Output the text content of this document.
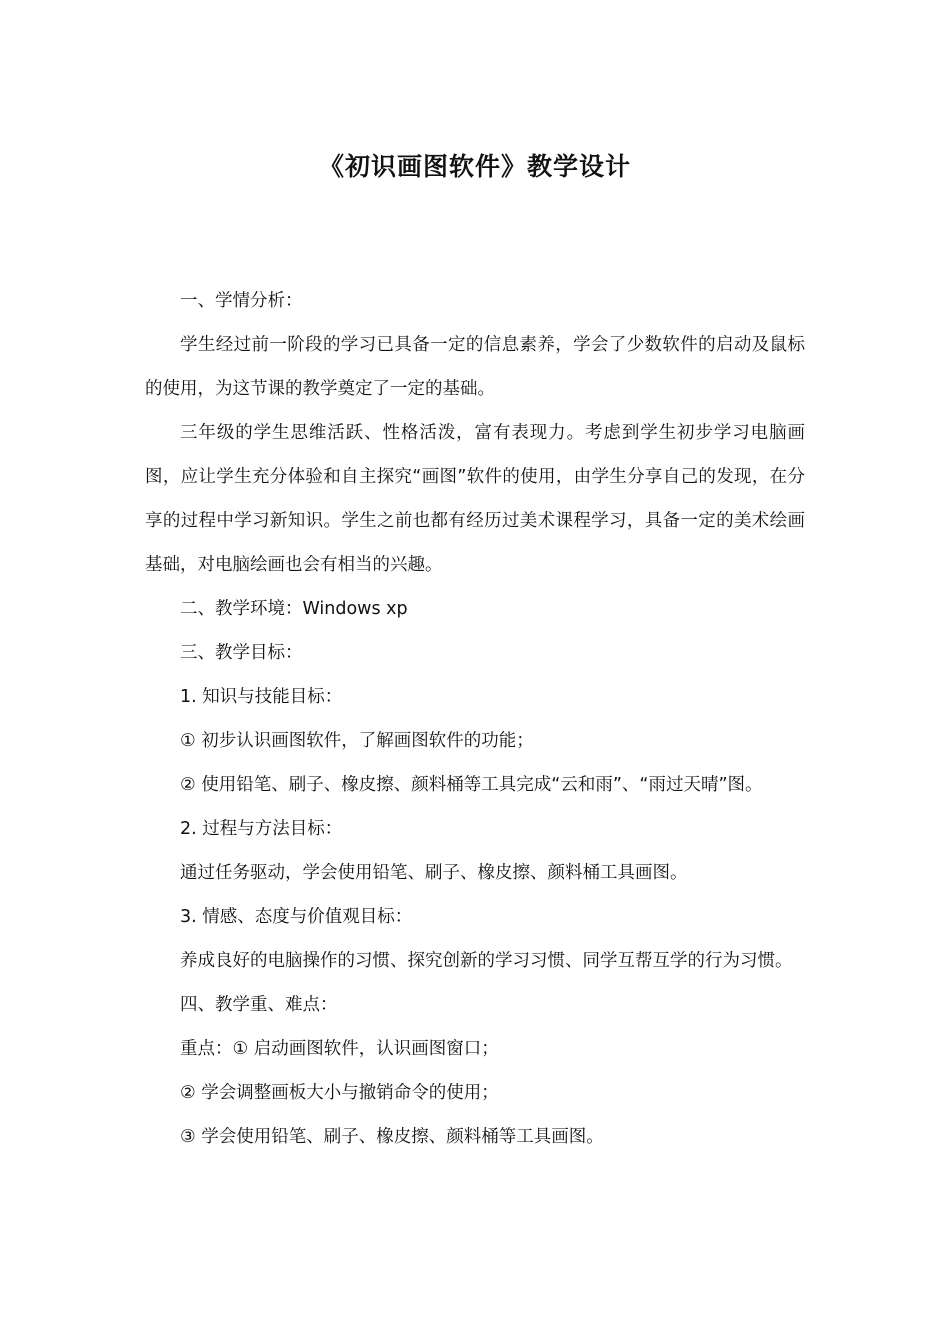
《初识画图软件》教学设计

一、学情分析：

学生经过前一阶段的学习已具备一定的信息素养，学会了少数软件的启动及鼠标的使用，为这节课的教学奠定了一定的基础。

三年级的学生思维活跃、性格活泼，富有表现力。考虑到学生初步学习电脑画图，应让学生充分体验和自主探究“画图”软件的使用，由学生分享自己的发现，在分享的过程中学习新知识。学生之前也都有经历过美术课程学习，具备一定的美术绘画基础，对电脑绘画也会有相当的兴趣。

二、教学环境：Windows xp

三、教学目标：

1. 知识与技能目标：

① 初步认识画图软件，了解画图软件的功能；

② 使用铅笔、刷子、橡皮擦、颜料桶等工具完成“云和雨”、“雨过天晴”图。

2. 过程与方法目标：

通过任务驱动，学会使用铅笔、刷子、橡皮擦、颜料桶工具画图。

3. 情感、态度与价值观目标：

养成良好的电脑操作的习惯、探究创新的学习习惯、同学互帮互学的行为习惯。

四、教学重、难点：

重点：① 启动画图软件，认识画图窗口；

② 学会调整画板大小与撤销命令的使用；

③ 学会使用铅笔、刷子、橡皮擦、颜料桶等工具画图。
